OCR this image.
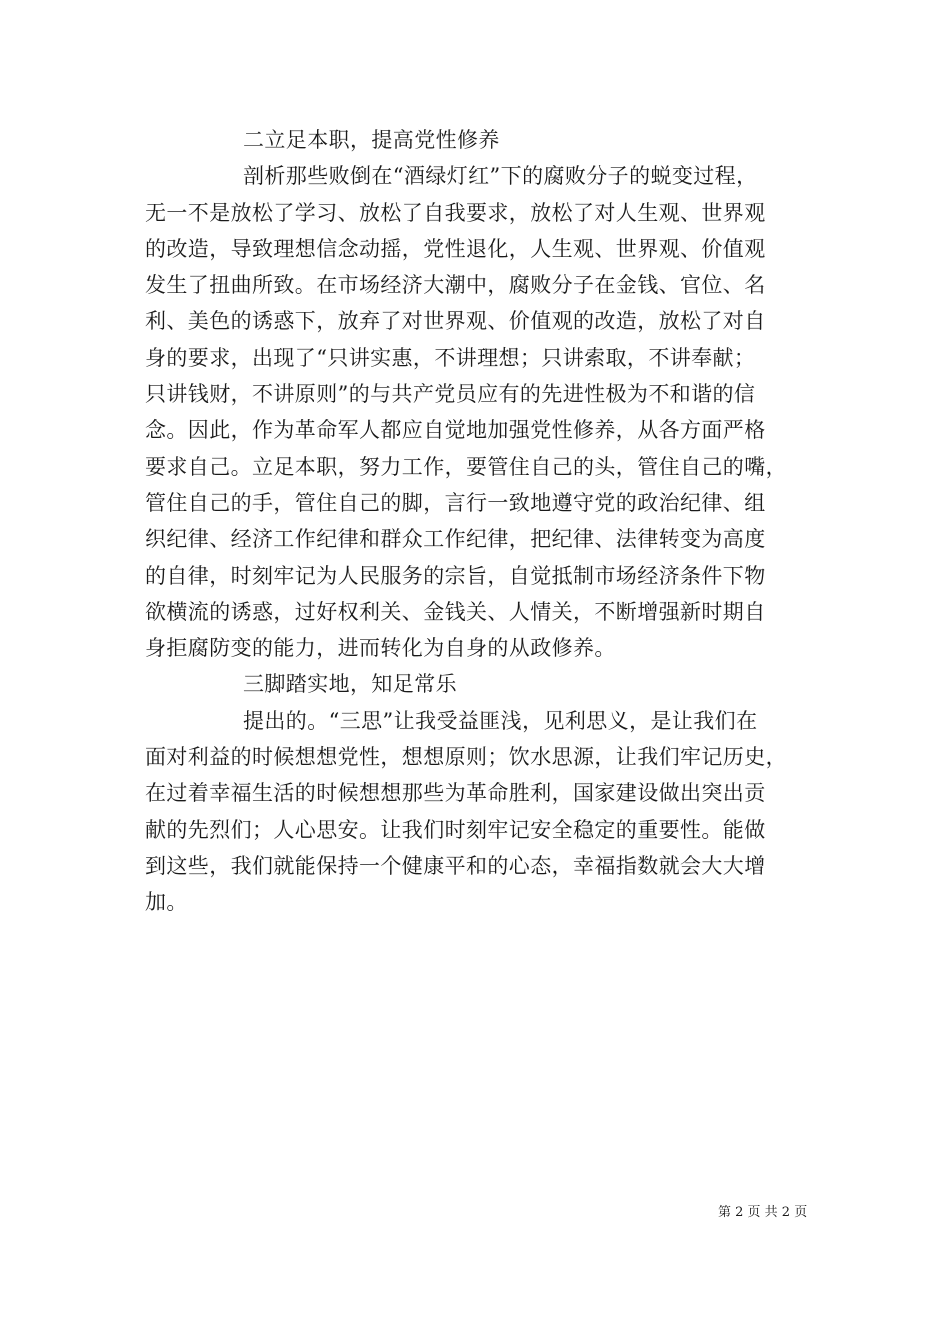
二立足本职，提高党性修养
剖析那些败倒在“酒绿灯红”下的腐败分子的蜕变过程，
无一不是放松了学习、放松了自我要求，放松了对人生观、世界观
的改造，导致理想信念动摇，党性退化，人生观、世界观、价值观
发生了扭曲所致。在市场经济大潮中，腐败分子在金钱、官位、名
利、美色的诱惑下，放弃了对世界观、价值观的改造，放松了对自
身的要求，出现了“只讲实惠，不讲理想；只讲索取，不讲奉献；
只讲钱财，不讲原则”的与共产党员应有的先进性极为不和谐的信
念。因此，作为革命军人都应自觉地加强党性修养，从各方面严格
要求自己。立足本职，努力工作，要管住自己的头，管住自己的嘴，
管住自己的手，管住自己的脚，言行一致地遵守党的政治纪律、组
织纪律、经济工作纪律和群众工作纪律，把纪律、法律转变为高度
的自律，时刻牢记为人民服务的宗旨，自觉抵制市场经济条件下物
欲横流的诱惑，过好权利关、金钱关、人情关，不断增强新时期自
身拒腐防变的能力，进而转化为自身的从政修养。
三脚踏实地，知足常乐
提出的。“三思”让我受益匪浅，见利思义，是让我们在
面对利益的时候想想党性，想想原则；饮水思源，让我们牢记历史，
在过着幸福生活的时候想想那些为革命胜利，国家建设做出突出贡
献的先烈们；人心思安。让我们时刻牢记安全稳定的重要性。能做
到这些，我们就能保持一个健康平和的心态，幸福指数就会大大增
加。
第 2 页 共 2 页
